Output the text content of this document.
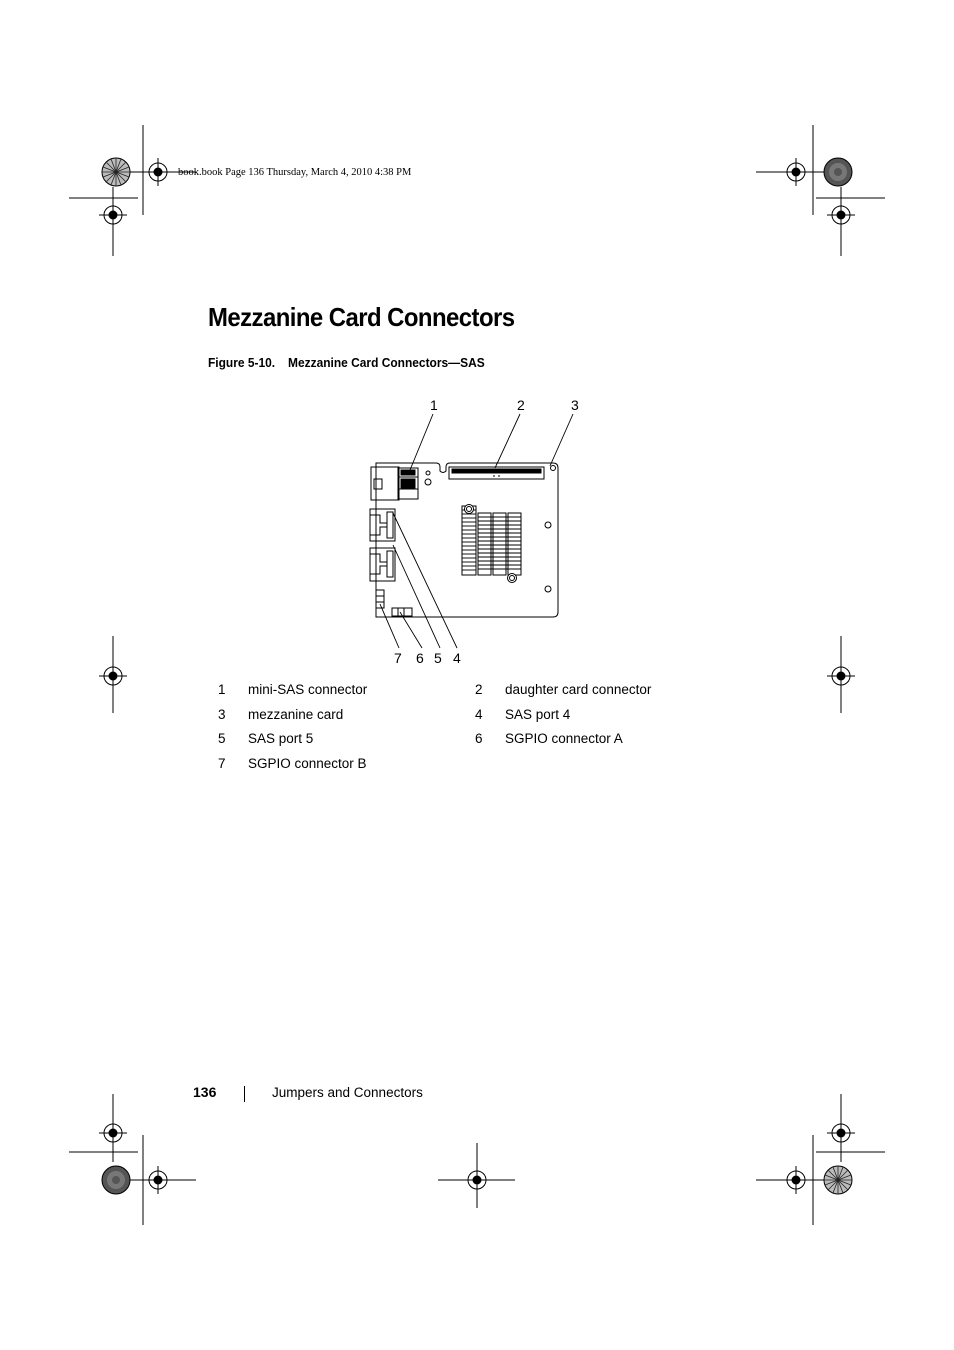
book.book Page 136 Thursday, March 4, 2010 4:38 PM
Mezzanine Card Connectors
Figure 5-10. Mezzanine Card Connectors—SAS
1	2	3
4
5
6
7
1	mini-SAS connector	2	daughter card connector
3	mezzanine card	4	SAS port 4
5	SAS port 5	6	SGPIO connector A
7	SGPIO connector B
136	Jumpers and Connectors
